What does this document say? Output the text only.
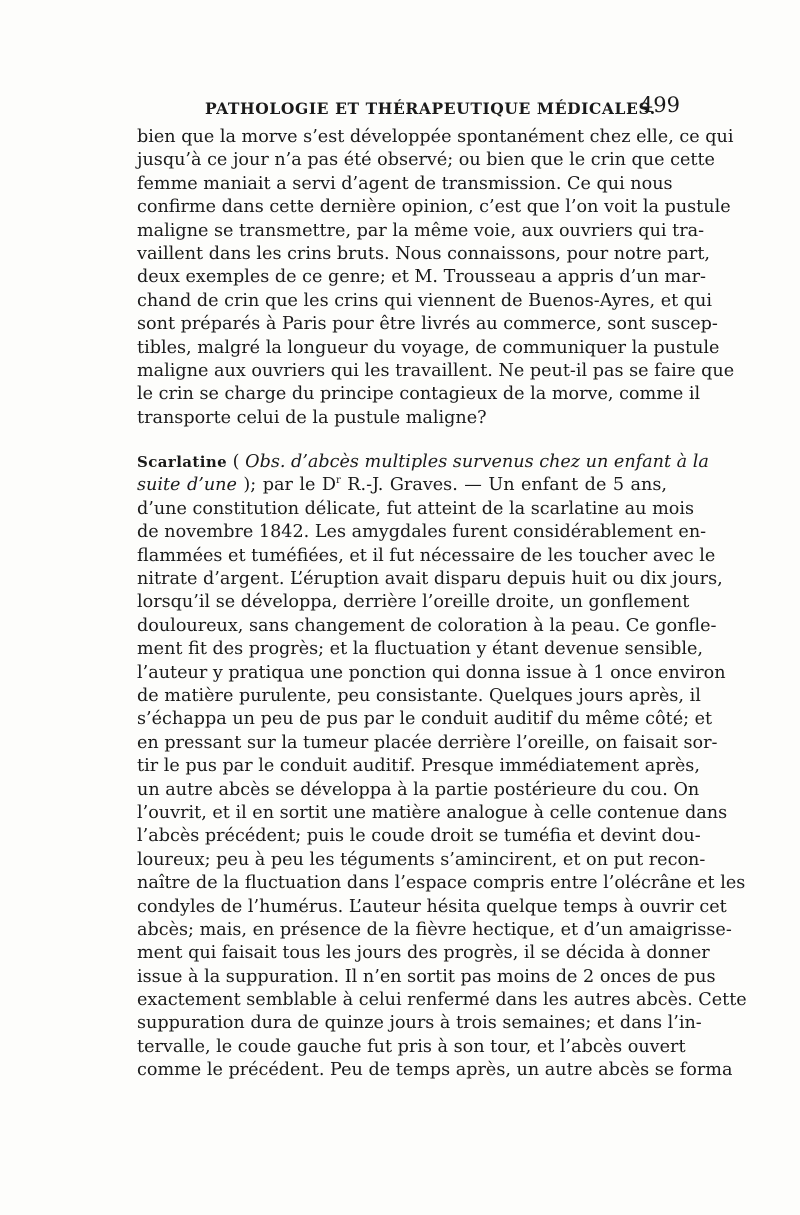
PATHOLOGIE ET THÉRAPEUTIQUE MÉDICALES.
499
bien que la morve s’est développée spontanément chez elle, ce qui
jusqu’à ce jour n’a pas été observé; ou bien que le crin que cette
femme maniait a servi d’agent de transmission. Ce qui nous
confirme dans cette dernière opinion, c’est que l’on voit la pustule
maligne se transmettre, par la même voie, aux ouvriers qui tra-
vaillent dans les crins bruts. Nous connaissons, pour notre part,
deux exemples de ce genre; et M. Trousseau a appris d’un mar-
chand de crin que les crins qui viennent de Buenos-Ayres, et qui
sont préparés à Paris pour être livrés au commerce, sont suscep-
tibles, malgré la longueur du voyage, de communiquer la pustule
maligne aux ouvriers qui les travaillent. Ne peut-il pas se faire que
le crin se charge du principe contagieux de la morve, comme il
transporte celui de la pustule maligne?
Scarlatine ( Obs. d’abcès multiples survenus chez un enfant à la
suite d’une ); par le $D^r$ R.-J. Graves. — Un enfant de 5 ans,
d’une constitution délicate, fut atteint de la scarlatine au mois
de novembre 1842. Les amygdales furent considérablement en-
flammées et tuméfiées, et il fut nécessaire de les toucher avec le
nitrate d’argent. L’éruption avait disparu depuis huit ou dix jours,
lorsqu’il se développa, derrière l’oreille droite, un gonflement
douloureux, sans changement de coloration à la peau. Ce gonfle-
ment fit des progrès; et la fluctuation y étant devenue sensible,
l’auteur y pratiqua une ponction qui donna issue à 1 once environ
de matière purulente, peu consistante. Quelques jours après, il
s’échappa un peu de pus par le conduit auditif du même côté; et
en pressant sur la tumeur placée derrière l’oreille, on faisait sor-
tir le pus par le conduit auditif. Presque immédiatement après,
un autre abcès se développa à la partie postérieure du cou. On
l’ouvrit, et il en sortit une matière analogue à celle contenue dans
l’abcès précédent; puis le coude droit se tuméfia et devint dou-
loureux; peu à peu les téguments s’amincirent, et on put recon-
naître de la fluctuation dans l’espace compris entre l’olécrâne et les
condyles de l’humérus. L’auteur hésita quelque temps à ouvrir cet
abcès; mais, en présence de la fièvre hectique, et d’un amaigrisse-
ment qui faisait tous les jours des progrès, il se décida à donner
issue à la suppuration. Il n’en sortit pas moins de 2 onces de pus
exactement semblable à celui renfermé dans les autres abcès. Cette
suppuration dura de quinze jours à trois semaines; et dans l’in-
tervalle, le coude gauche fut pris à son tour, et l’abcès ouvert
comme le précédent. Peu de temps après, un autre abcès se forma
